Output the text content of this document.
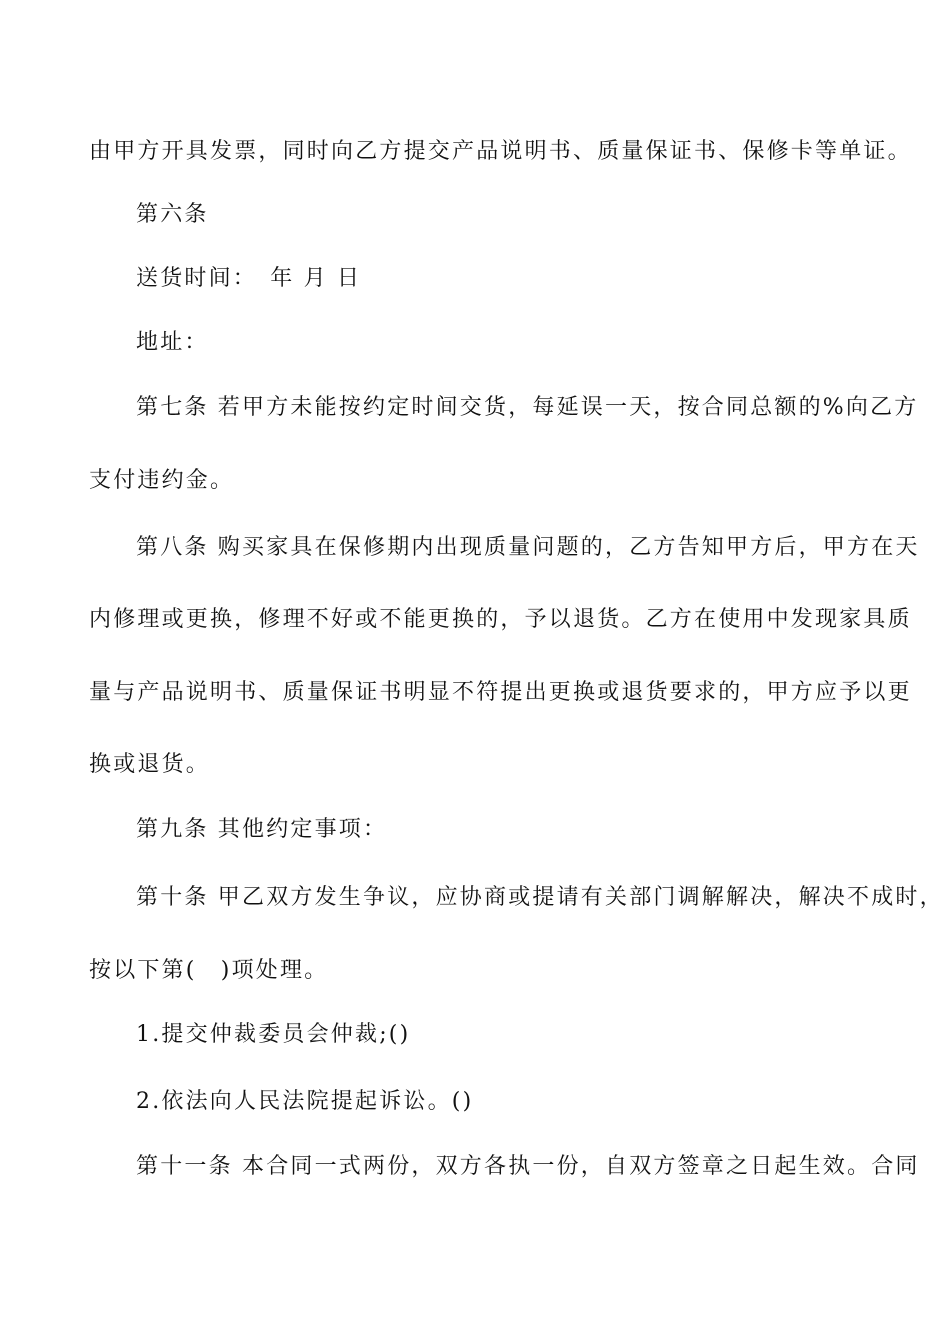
由甲方开具发票，同时向乙方提交产品说明书、质量保证书、保修卡等单证。
第六条
送货时间：　年 月 日
地址：
第七条 若甲方未能按约定时间交货，每延误一天，按合同总额的%向乙方
支付违约金。
第八条 购买家具在保修期内出现质量问题的，乙方告知甲方后，甲方在天
内修理或更换，修理不好或不能更换的，予以退货。乙方在使用中发现家具质
量与产品说明书、质量保证书明显不符提出更换或退货要求的，甲方应予以更
换或退货。
第九条 其他约定事项：
第十条 甲乙双方发生争议，应协商或提请有关部门调解解决，解决不成时，
按以下第(　)项处理。
1.提交仲裁委员会仲裁;()
2.依法向人民法院提起诉讼。()
第十一条 本合同一式两份，双方各执一份，自双方签章之日起生效。合同
